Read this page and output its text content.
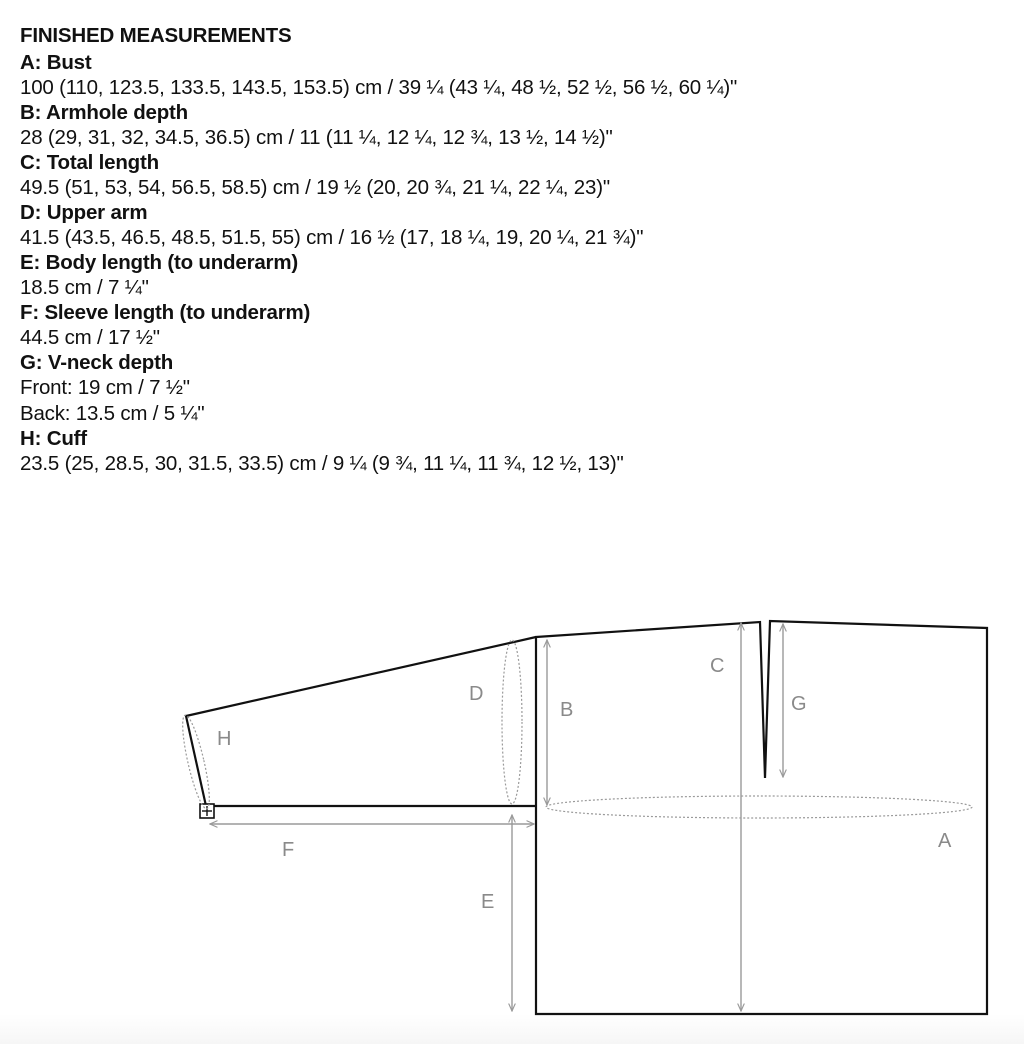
FINISHED MEASUREMENTS
A: Bust
100 (110, 123.5, 133.5, 143.5, 153.5) cm / 39 ¼ (43 ¼, 48 ½, 52 ½, 56 ½, 60 ¼)"
B: Armhole depth
28 (29, 31, 32, 34.5, 36.5) cm / 11 (11 ¼, 12 ¼, 12 ¾, 13 ½, 14 ½)"
C: Total length
49.5 (51, 53, 54, 56.5, 58.5) cm / 19 ½ (20, 20 ¾, 21 ¼, 22 ¼, 23)"
D: Upper arm
41.5 (43.5, 46.5, 48.5, 51.5, 55) cm / 16 ½ (17, 18 ¼, 19, 20 ¼, 21 ¾)"
E: Body length (to underarm)
18.5 cm / 7 ¼"
F: Sleeve length (to underarm)
44.5 cm / 17 ½"
G: V-neck depth
Front: 19 cm / 7 ½"
Back: 13.5 cm / 5 ¼"
H: Cuff
23.5 (25, 28.5, 30, 31.5, 33.5) cm / 9 ¼ (9 ¾, 11 ¼, 11 ¾, 12 ½, 13)"
A
B
C
D
E
F
G
H
